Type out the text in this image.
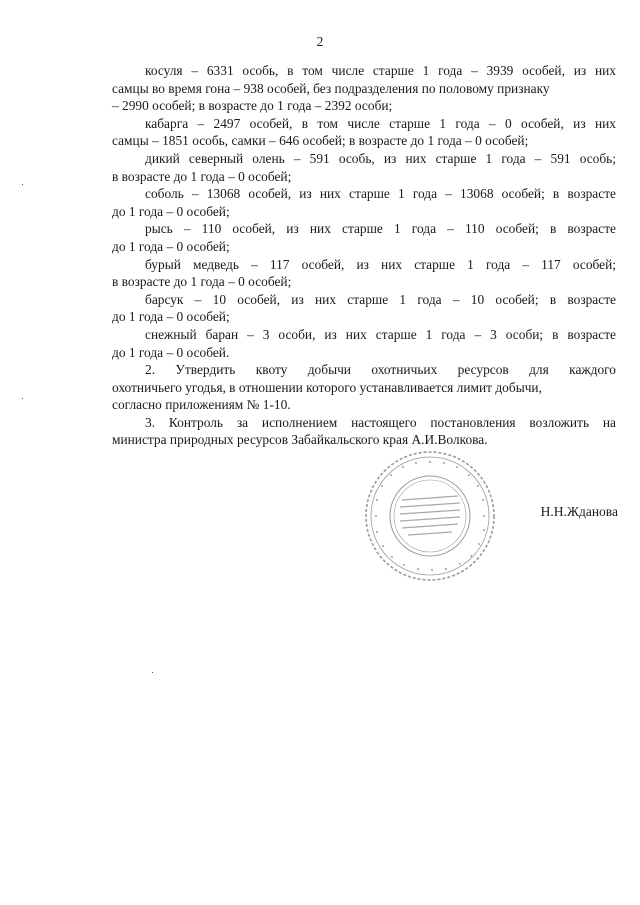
2

косуля – 6331 особь, в том числе старше 1 года – 3939 особей, из них
самцы во время гона – 938 особей, без подразделения по половому признаку
– 2990 особей; в возрасте до 1 года – 2392 особи;

кабарга – 2497 особей, в том числе старше 1 года – 0 особей, из них
самцы – 1851 особь, самки – 646 особей; в возрасте до 1 года – 0 особей;

дикий северный олень – 591 особь, из них старше 1 года – 591 особь;
в возрасте до 1 года – 0 особей;

соболь – 13068 особей, из них старше 1 года – 13068 особей; в возрасте
до 1 года – 0 особей;

рысь – 110 особей, из них старше 1 года – 110 особей; в возрасте
до 1 года – 0 особей;

бурый медведь – 117 особей, из них старше 1 года – 117 особей;
в возрасте до 1 года – 0 особей;

барсук – 10 особей, из них старше 1 года – 10 особей; в возрасте
до 1 года – 0 особей;

снежный баран – 3 особи, из них старше 1 года – 3 особи; в возрасте
до 1 года – 0 особей.

2. Утвердить квоту добычи охотничьих ресурсов для каждого
охотничьего угодья, в отношении которого устанавливается лимит добычи,
согласно приложениям № 1-10.

3. Контроль за исполнением настоящего постановления возложить на
министра природных ресурсов Забайкальского края А.И.Волкова.

Н.Н.Жданова
